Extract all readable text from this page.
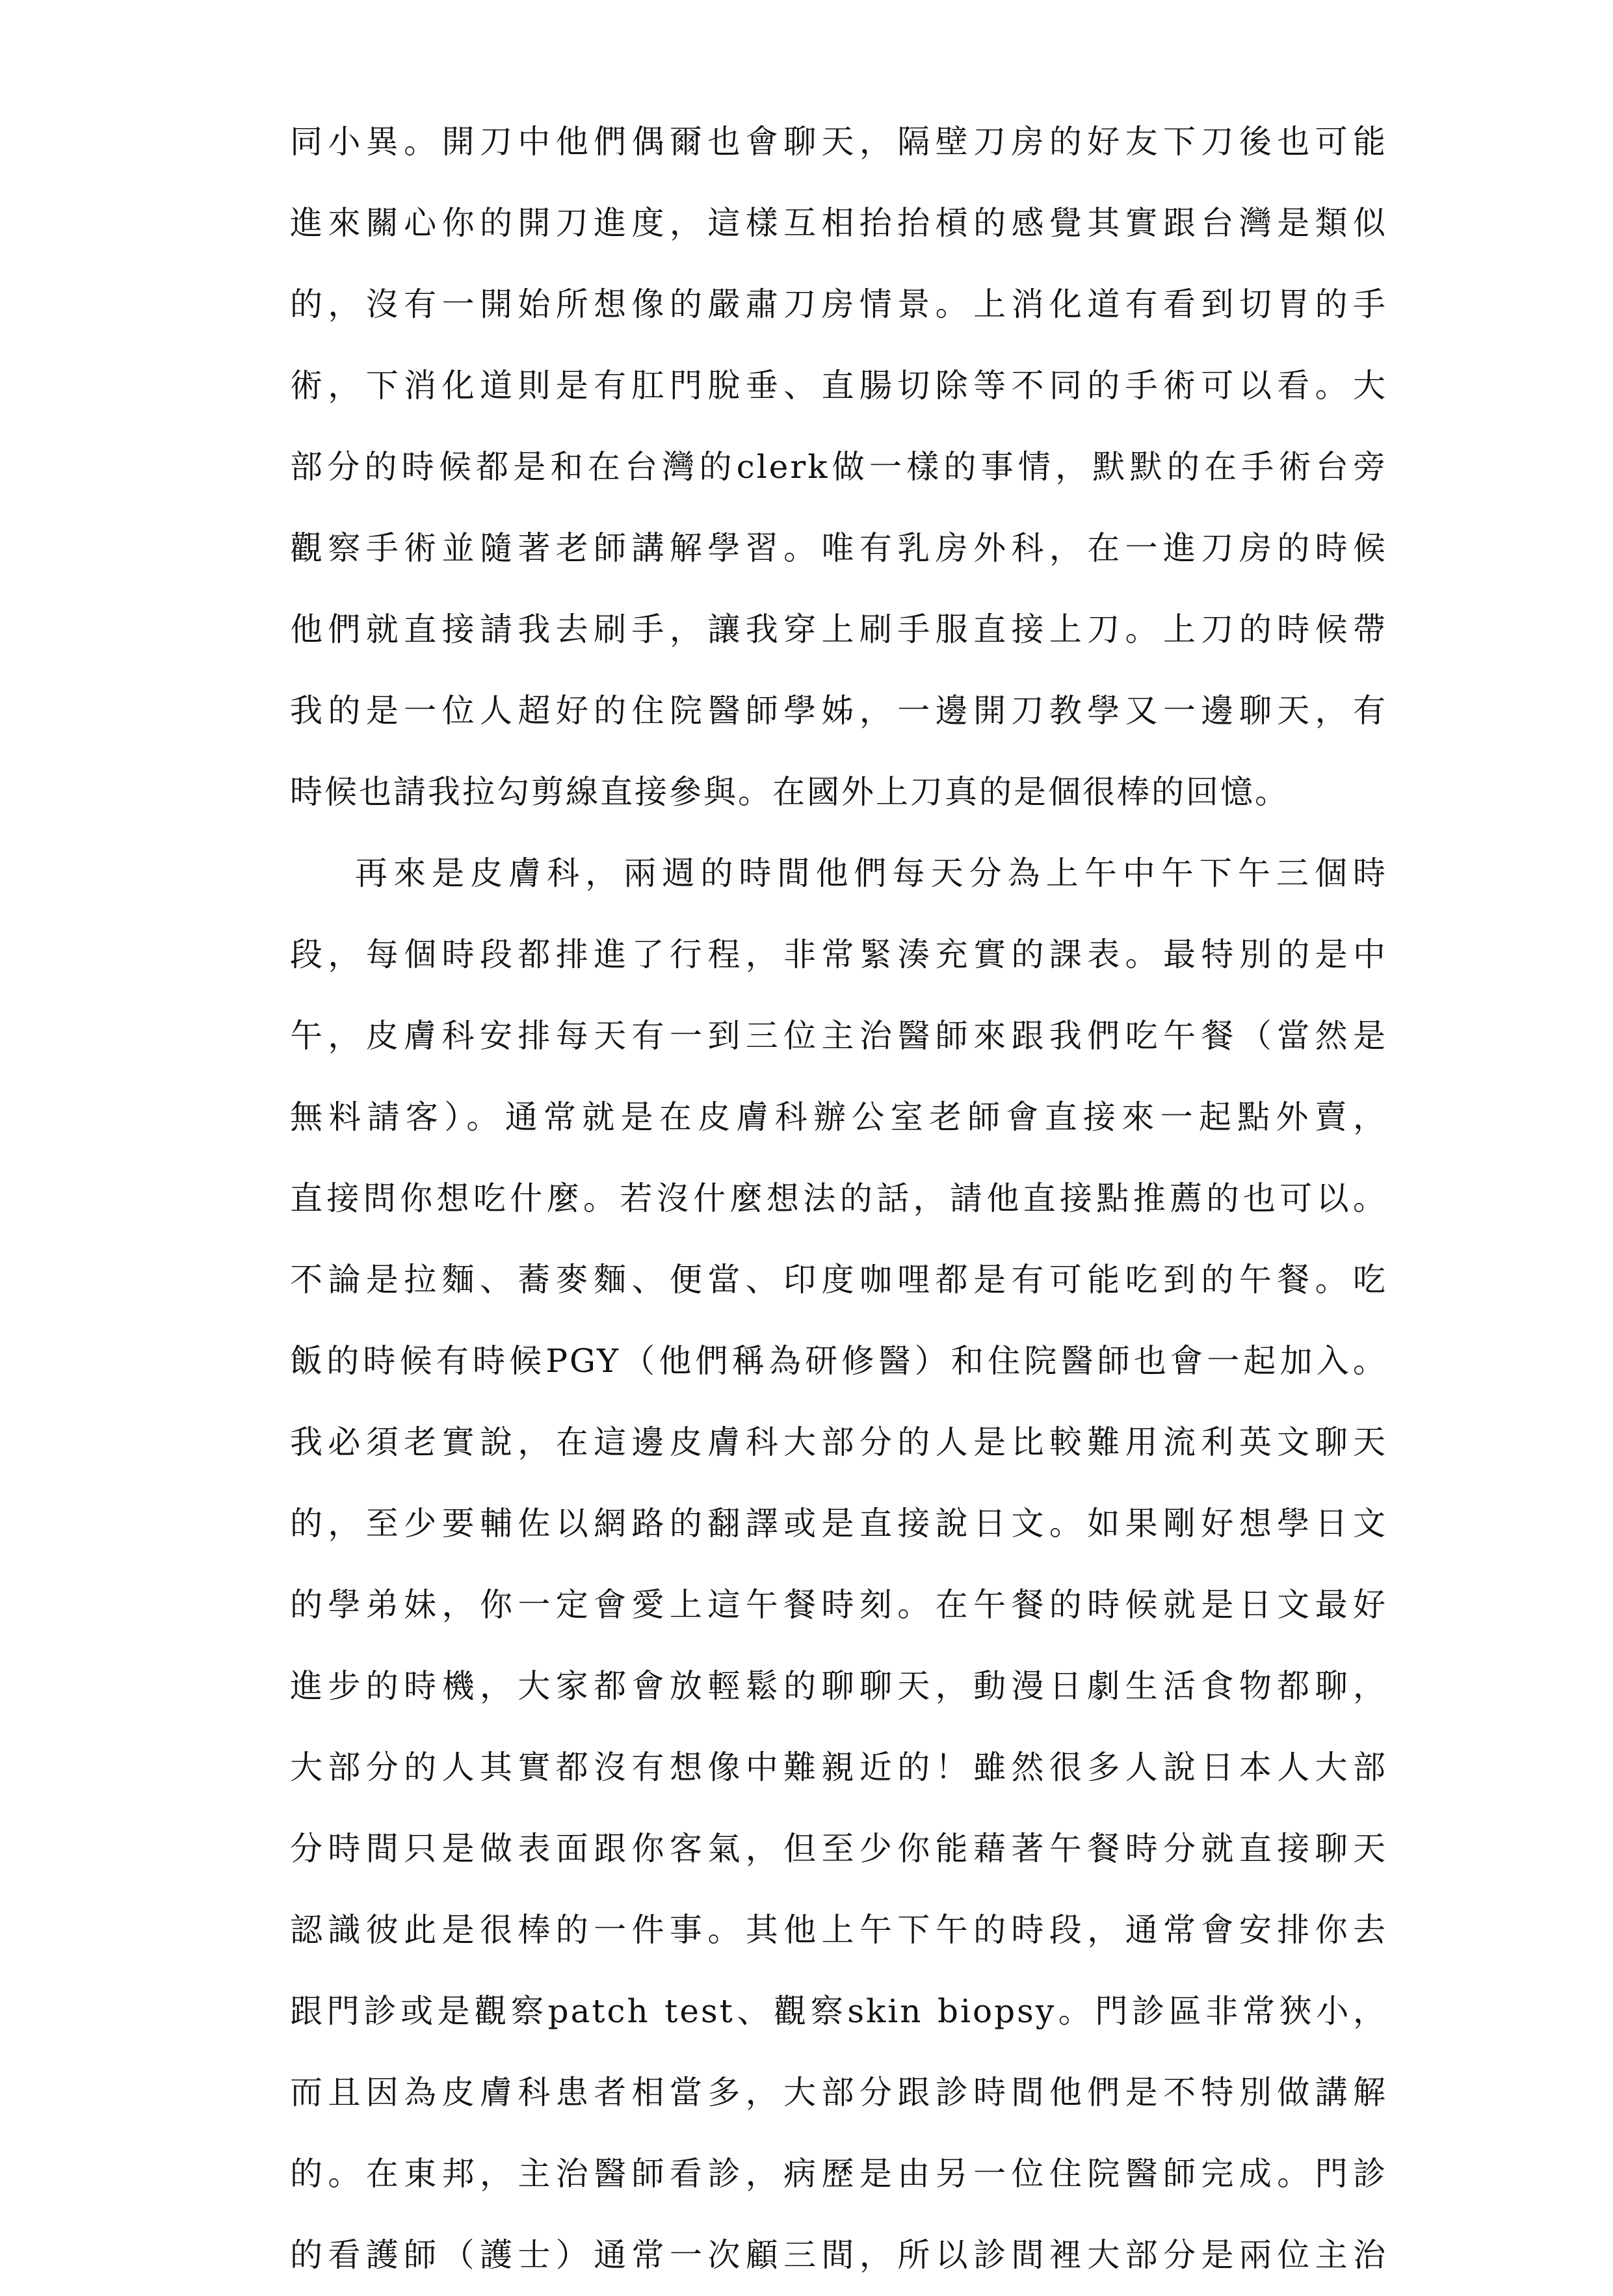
同小異。開刀中他們偶爾也會聊天，隔壁刀房的好友下刀後也可能
進來關心你的開刀進度，這樣互相抬抬槓的感覺其實跟台灣是類似
的，沒有一開始所想像的嚴肅刀房情景。上消化道有看到切胃的手
術，下消化道則是有肛門脫垂、直腸切除等不同的手術可以看。大
部分的時候都是和在台灣的clerk做一樣的事情，默默的在手術台旁
觀察手術並隨著老師講解學習。唯有乳房外科，在一進刀房的時候
他們就直接請我去刷手，讓我穿上刷手服直接上刀。上刀的時候帶
我的是一位人超好的住院醫師學姊，一邊開刀教學又一邊聊天，有
時候也請我拉勾剪線直接參與。在國外上刀真的是個很棒的回憶。
再來是皮膚科，兩週的時間他們每天分為上午中午下午三個時
段，每個時段都排進了行程，非常緊湊充實的課表。最特別的是中
午，皮膚科安排每天有一到三位主治醫師來跟我們吃午餐（當然是
無料請客）。通常就是在皮膚科辦公室老師會直接來一起點外賣，
直接問你想吃什麼。若沒什麼想法的話，請他直接點推薦的也可以。
不論是拉麵、蕎麥麵、便當、印度咖哩都是有可能吃到的午餐。吃
飯的時候有時候PGY（他們稱為研修醫）和住院醫師也會一起加入。
我必須老實說，在這邊皮膚科大部分的人是比較難用流利英文聊天
的，至少要輔佐以網路的翻譯或是直接說日文。如果剛好想學日文
的學弟妹，你一定會愛上這午餐時刻。在午餐的時候就是日文最好
進步的時機，大家都會放輕鬆的聊聊天，動漫日劇生活食物都聊，
大部分的人其實都沒有想像中難親近的！雖然很多人說日本人大部
分時間只是做表面跟你客氣，但至少你能藉著午餐時分就直接聊天
認識彼此是很棒的一件事。其他上午下午的時段，通常會安排你去
跟門診或是觀察patch test、觀察skin biopsy。門診區非常狹小，
而且因為皮膚科患者相當多，大部分跟診時間他們是不特別做講解
的。在東邦，主治醫師看診，病歷是由另一位住院醫師完成。門診
的看護師（護士）通常一次顧三間，所以診間裡大部分是兩位主治
